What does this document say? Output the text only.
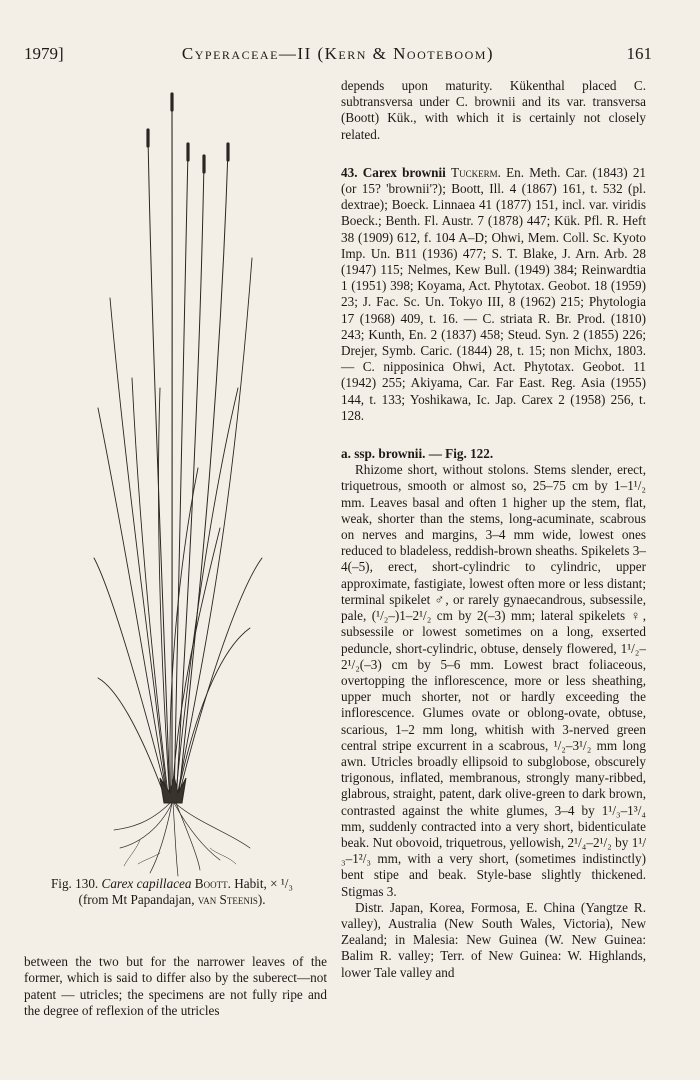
1979]	Cyperaceae—II (Kern & Nooteboom)	161
Fig. 130. Carex capillacea Boott. Habit, × ¹/₃
(from Mt Papandajan, van Steenis).

between the two but for the narrower leaves of the former, which is said to differ also by the suberect—not patent — utricles; the specimens are not fully ripe and the degree of reflexion of the utricles

depends upon maturity. Kükenthal placed C. subtransversa under C. brownii and its var. transversa (Boott) Kük., with which it is certainly not closely related.

43. Carex brownii Tuckerm. En. Meth. Car. (1843) 21 (or 15? 'brownii'?); Boott, Ill. 4 (1867) 161, t. 532 (pl. dextrae); Boeck. Linnaea 41 (1877) 151, incl. var. viridis Boeck.; Benth. Fl. Austr. 7 (1878) 447; Kük. Pfl. R. Heft 38 (1909) 612, f. 104 A–D; Ohwi, Mem. Coll. Sc. Kyoto Imp. Un. B11 (1936) 477; S. T. Blake, J. Arn. Arb. 28 (1947) 115; Nelmes, Kew Bull. (1949) 384; Reinwardtia 1 (1951) 398; Koyama, Act. Phytotax. Geobot. 18 (1959) 23; J. Fac. Sc. Un. Tokyo III, 8 (1962) 215; Phytologia 17 (1968) 409, t. 16. — C. striata R. Br. Prod. (1810) 243; Kunth, En. 2 (1837) 458; Steud. Syn. 2 (1855) 226; Drejer, Symb. Caric. (1844) 28, t. 15; non Michx, 1803. — C. nipposinica Ohwi, Act. Phytotax. Geobot. 11 (1942) 255; Akiyama, Car. Far East. Reg. Asia (1955) 144, t. 133; Yoshikawa, Ic. Jap. Carex 2 (1958) 256, t. 128.

a. ssp. brownii. — Fig. 122.

Rhizome short, without stolons. Stems slender, erect, triquetrous, smooth or almost so, 25–75 cm by 1–1¹/₂ mm. Leaves basal and often 1 higher up the stem, flat, weak, shorter than the stems, long-acuminate, scabrous on nerves and margins, 3–4 mm wide, lowest ones reduced to bladeless, reddish-brown sheaths. Spikelets 3–4(–5), erect, short-cylindric to cylindric, upper approximate, fastigiate, lowest often more or less distant; terminal spikelet ♂, or rarely gynaecandrous, subsessile, pale, (¹/₂–)1–2¹/₂ cm by 2(–3) mm; lateral spikelets ♀, subsessile or lowest sometimes on a long, exserted peduncle, short-cylindric, obtuse, densely flowered, 1¹/₂–2¹/₂(–3) cm by 5–6 mm. Lowest bract foliaceous, overtopping the inflorescence, more or less sheathing, upper much shorter, not or hardly exceeding the inflorescence. Glumes ovate or oblong-ovate, obtuse, scarious, 1–2 mm long, whitish with 3-nerved green central stripe excurrent in a scabrous, ¹/₂–3¹/₂ mm long awn. Utricles broadly ellipsoid to subglobose, obscurely trigonous, inflated, membranous, strongly many-ribbed, glabrous, straight, patent, dark olive-green to dark brown, contrasted against the white glumes, 3–4 by 1¹/₃–1³/₄ mm, suddenly contracted into a very short, bidenticulate beak. Nut obovoid, triquetrous, yellowish, 2¹/₄–2¹/₂ by 1¹/₃–1²/₃ mm, with a very short, (sometimes indistinctly) bent stipe and beak. Style-base slightly thickened. Stigmas 3.

Distr. Japan, Korea, Formosa, E. China (Yangtze R. valley), Australia (New South Wales, Victoria), New Zealand; in Malesia: New Guinea (W. New Guinea: Balim R. valley; Terr. of New Guinea: W. Highlands, lower Tale valley and
